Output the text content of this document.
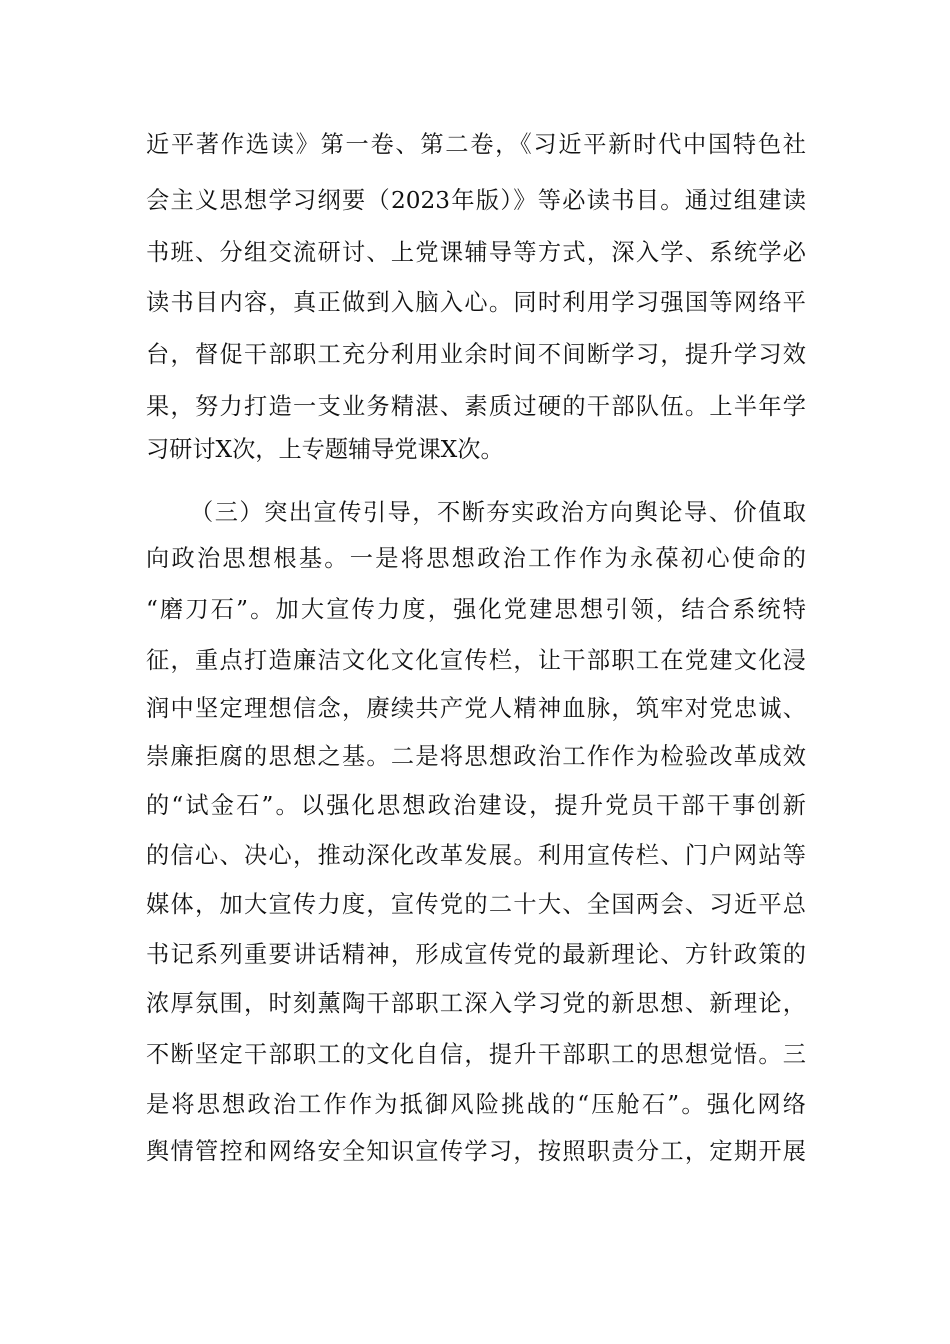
近平著作选读》第一卷、第二卷，《习近平新时代中国特色社
会主义思想学习纲要（2023年版）》等必读书目。通过组建读
书班、分组交流研讨、上党课辅导等方式，深入学、系统学必
读书目内容，真正做到入脑入心。同时利用学习强国等网络平
台，督促干部职工充分利用业余时间不间断学习，提升学习效
果，努力打造一支业务精湛、素质过硬的干部队伍。上半年学
习研讨X次，上专题辅导党课X次。
（三）突出宣传引导，不断夯实政治方向舆论导、价值取
向政治思想根基。一是将思想政治工作作为永葆初心使命的
“磨刀石”。加大宣传力度，强化党建思想引领，结合系统特
征，重点打造廉洁文化文化宣传栏，让干部职工在党建文化浸
润中坚定理想信念，赓续共产党人精神血脉，筑牢对党忠诚、
崇廉拒腐的思想之基。二是将思想政治工作作为检验改革成效
的“试金石”。以强化思想政治建设，提升党员干部干事创新
的信心、决心，推动深化改革发展。利用宣传栏、门户网站等
媒体，加大宣传力度，宣传党的二十大、全国两会、习近平总
书记系列重要讲话精神，形成宣传党的最新理论、方针政策的
浓厚氛围，时刻薰陶干部职工深入学习党的新思想、新理论，
不断坚定干部职工的文化自信，提升干部职工的思想觉悟。三
是将思想政治工作作为抵御风险挑战的“压舱石”。强化网络
舆情管控和网络安全知识宣传学习，按照职责分工，定期开展
